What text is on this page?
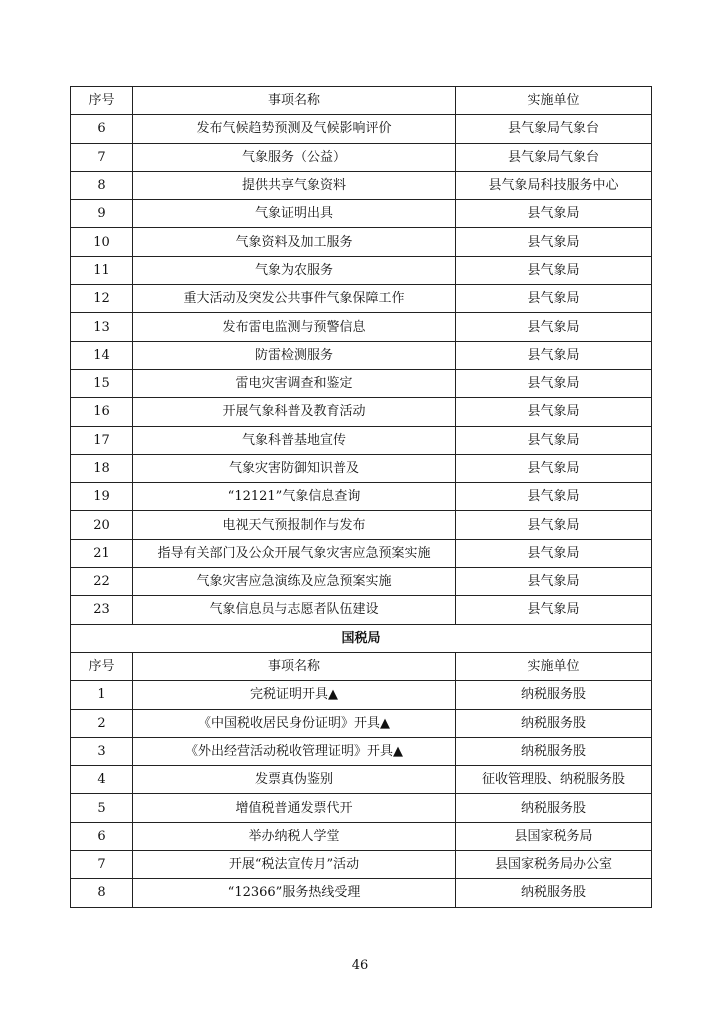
序号	事项名称	实施单位
6	发布气候趋势预测及气候影响评价	县气象局气象台
7	气象服务（公益）	县气象局气象台
8	提供共享气象资料	县气象局科技服务中心
9	气象证明出具	县气象局
10	气象资料及加工服务	县气象局
11	气象为农服务	县气象局
12	重大活动及突发公共事件气象保障工作	县气象局
13	发布雷电监测与预警信息	县气象局
14	防雷检测服务	县气象局
15	雷电灾害调查和鉴定	县气象局
16	开展气象科普及教育活动	县气象局
17	气象科普基地宣传	县气象局
18	气象灾害防御知识普及	县气象局
19	“12121”气象信息查询	县气象局
20	电视天气预报制作与发布	县气象局
21	指导有关部门及公众开展气象灾害应急预案实施	县气象局
22	气象灾害应急演练及应急预案实施	县气象局
23	气象信息员与志愿者队伍建设	县气象局
国税局		
序号	事项名称	实施单位
1	完税证明开具▲	纳税服务股
2	《中国税收居民身份证明》开具▲	纳税服务股
3	《外出经营活动税收管理证明》开具▲	纳税服务股
4	发票真伪鉴别	征收管理股、纳税服务股
5	增值税普通发票代开	纳税服务股
6	举办纳税人学堂	县国家税务局
7	开展“税法宣传月”活动	县国家税务局办公室
8	“12366”服务热线受理	纳税服务股
46
